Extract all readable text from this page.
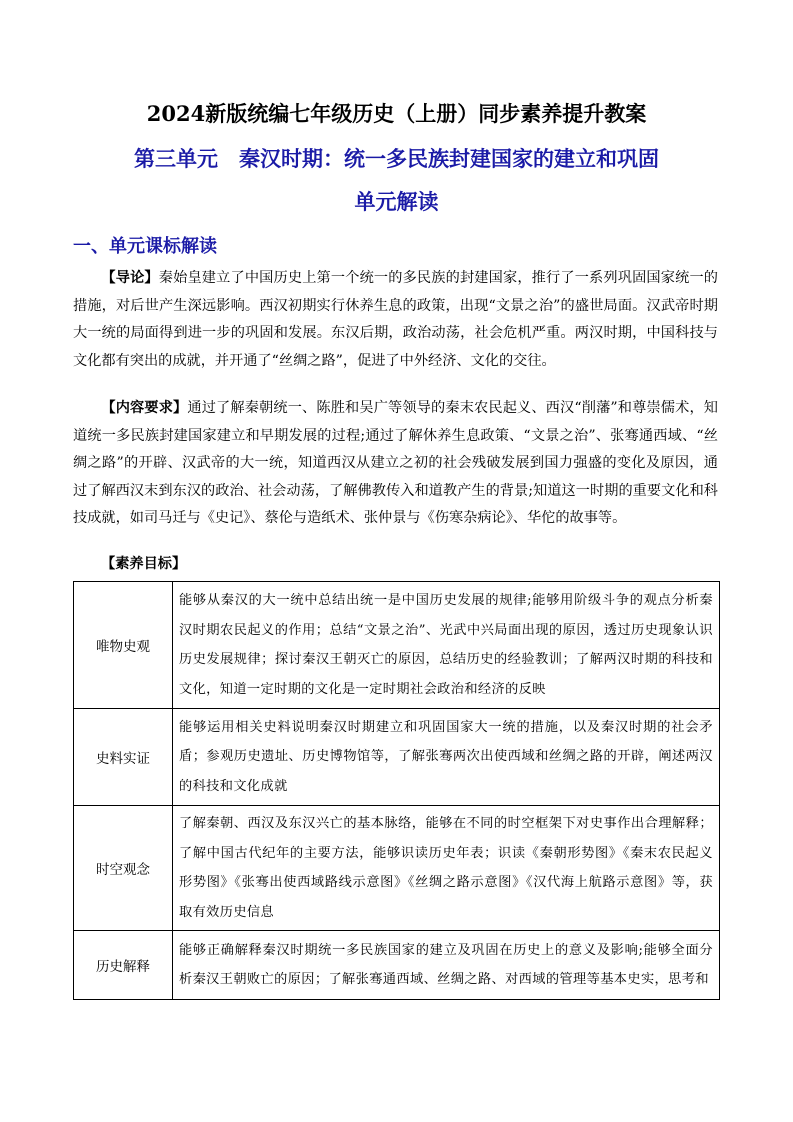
2024新版统编七年级历史（上册）同步素养提升教案
第三单元　秦汉时期：统一多民族封建国家的建立和巩固
单元解读
一、单元课标解读

【导论】秦始皇建立了中国历史上第一个统一的多民族的封建国家，推行了一系列巩固国家统一的措施，对后世产生深远影响。西汉初期实行休养生息的政策，出现“文景之治”的盛世局面。汉武帝时期大一统的局面得到进一步的巩固和发展。东汉后期，政治动荡，社会危机严重。两汉时期，中国科技与文化都有突出的成就，并开通了“丝绸之路”，促进了中外经济、文化的交往。

【内容要求】通过了解秦朝统一、陈胜和吴广等领导的秦末农民起义、西汉“削藩”和尊崇儒术，知道统一多民族封建国家建立和早期发展的过程;通过了解休养生息政策、“文景之治”、张骞通西域、“丝绸之路”的开辟、汉武帝的大一统，知道西汉从建立之初的社会残破发展到国力强盛的变化及原因，通过了解西汉末到东汉的政治、社会动荡，了解佛教传入和道教产生的背景;知道这一时期的重要文化和科技成就，如司马迁与《史记》、蔡伦与造纸术、张仲景与《伤寒杂病论》、华佗的故事等。

【素养目标】
唯物史观	能够从秦汉的大一统中总结出统一是中国历史发展的规律;能够用阶级斗争的观点分析秦汉时期农民起义的作用；总结“文景之治”、光武中兴局面出现的原因，透过历史现象认识历史发展规律；探讨秦汉王朝灭亡的原因，总结历史的经验教训；了解两汉时期的科技和文化，知道一定时期的文化是一定时期社会政治和经济的反映
史料实证	能够运用相关史料说明秦汉时期建立和巩固国家大一统的措施，以及秦汉时期的社会矛盾；参观历史遗址、历史博物馆等，了解张骞两次出使西域和丝绸之路的开辟，阐述两汉的科技和文化成就
时空观念	了解秦朝、西汉及东汉兴亡的基本脉络，能够在不同的时空框架下对史事作出合理解释；了解中国古代纪年的主要方法，能够识读历史年表；识读《秦朝形势图》《秦末农民起义形势图》《张骞出使西域路线示意图》《丝绸之路示意图》《汉代海上航路示意图》等，获取有效历史信息
历史解释	能够正确解释秦汉时期统一多民族国家的建立及巩固在历史上的意义及影响;能够全面分析秦汉王朝败亡的原因；了解张骞通西域、丝绸之路、对西域的管理等基本史实，思考和
